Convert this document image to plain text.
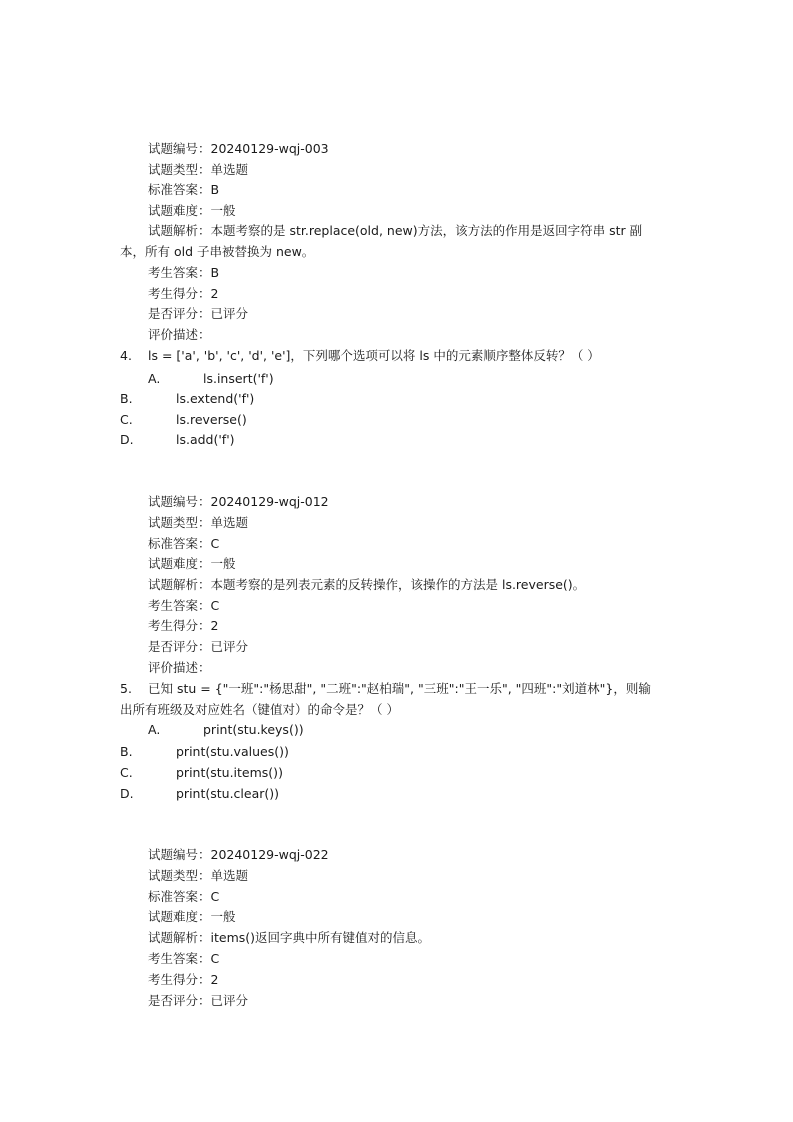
试题编号：20240129-wqj-003
试题类型：单选题
标准答案：B
试题难度：一般
试题解析：本题考察的是 str.replace(old, new)方法，该方法的作用是返回字符串 str 副
本，所有 old 子串被替换为 new。
考生答案：B
考生得分：2
是否评分：已评分
评价描述：
4. ls = ['a', 'b', 'c', 'd', 'e']，下列哪个选项可以将 ls 中的元素顺序整体反转？（ ）
A.	ls.insert('f')
B.	ls.extend('f')
C.	ls.reverse()
D.	ls.add('f')
试题编号：20240129-wqj-012
试题类型：单选题
标准答案：C
试题难度：一般
试题解析：本题考察的是列表元素的反转操作，该操作的方法是 ls.reverse()。
考生答案：C
考生得分：2
是否评分：已评分
评价描述：
5. 已知 stu = {"一班":"杨思甜", "二班":"赵柏瑞", "三班":"王一乐", "四班":"刘道林"}，则输
出所有班级及对应姓名（键值对）的命令是？（ ）
A.	print(stu.keys())
B.	print(stu.values())
C.	print(stu.items())
D.	print(stu.clear())
试题编号：20240129-wqj-022
试题类型：单选题
标准答案：C
试题难度：一般
试题解析：items()返回字典中所有键值对的信息。
考生答案：C
考生得分：2
是否评分：已评分
